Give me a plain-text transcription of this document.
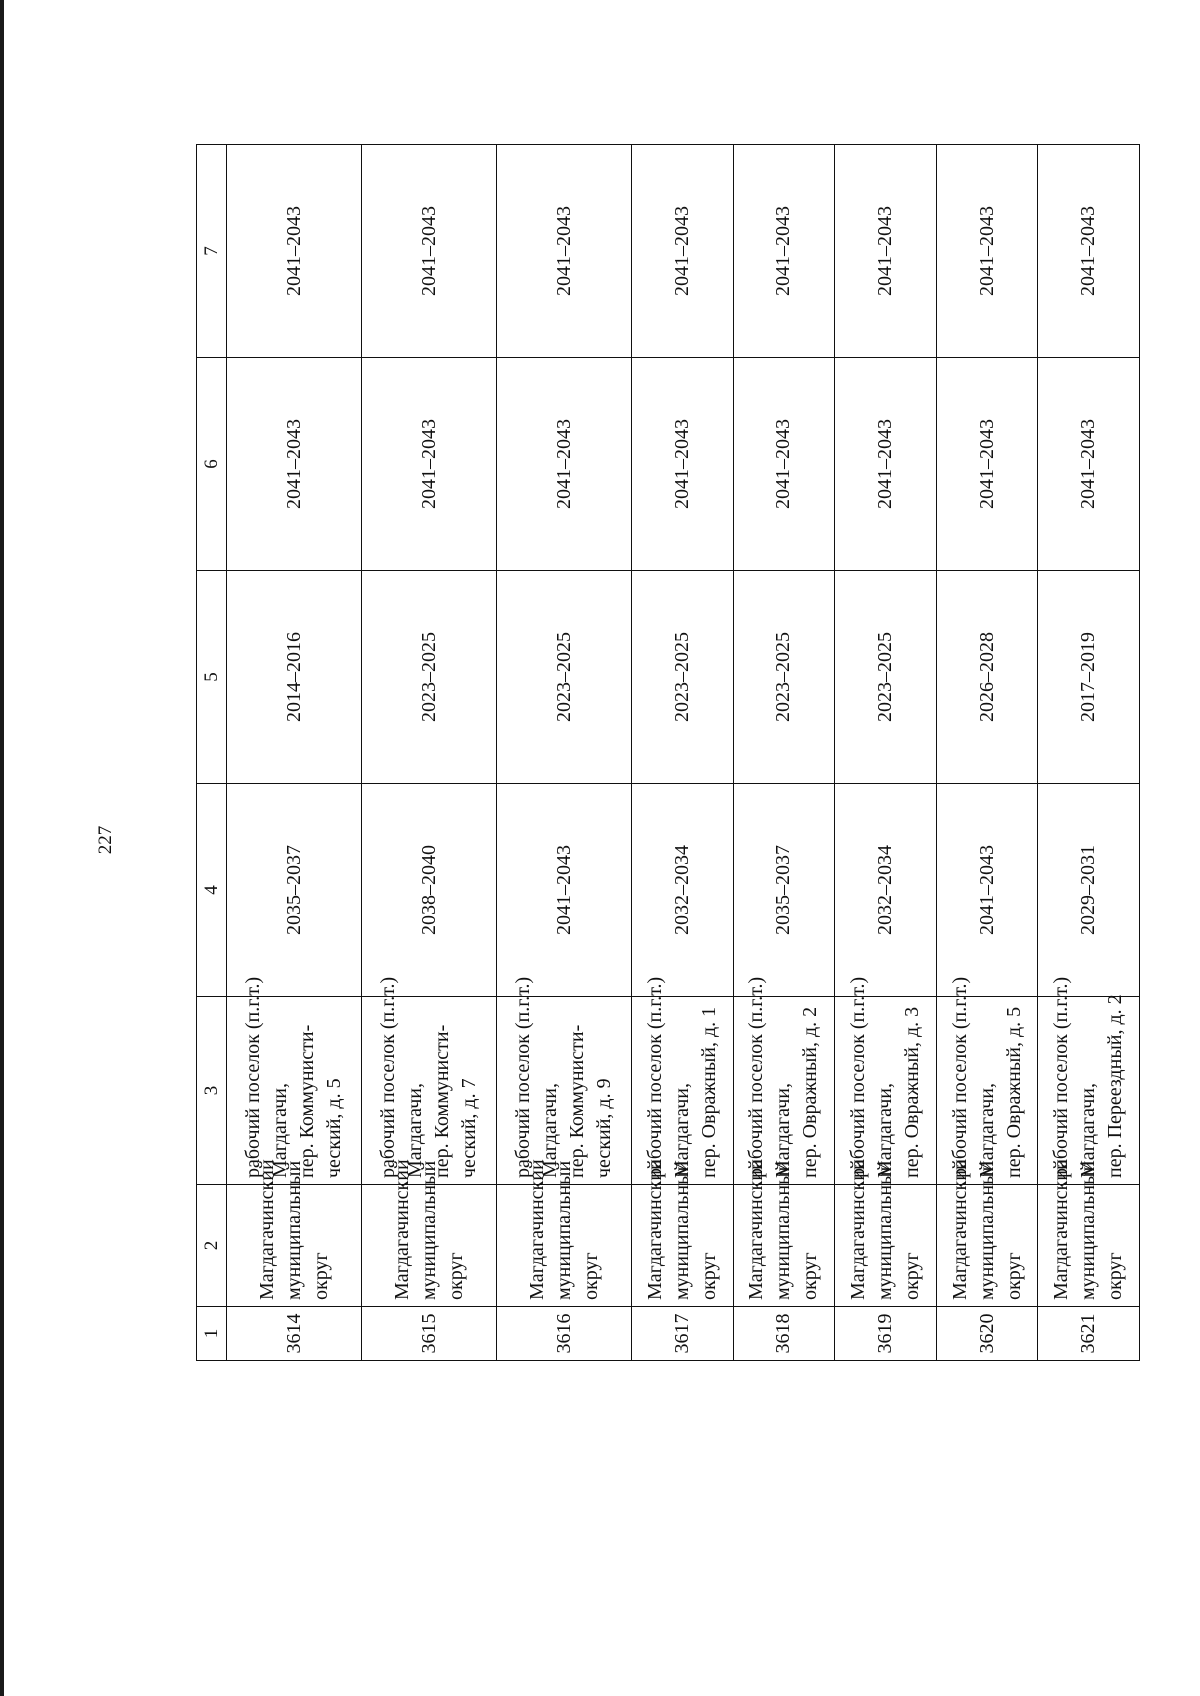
227
1	2	3	4	5	6	7
3614	Магдагачинский муниципальный округ	рабочий поселок (п.г.т.) Магдагачи, пер. Коммунисти- ческий, д. 5	2035–2037	2014–2016	2041–2043	2041–2043
3615	Магдагачинский муниципальный округ	рабочий поселок (п.г.т.) Магдагачи, пер. Коммунисти- ческий, д. 7	2038–2040	2023–2025	2041–2043	2041–2043
3616	Магдагачинский муниципальный округ	рабочий поселок (п.г.т.) Магдагачи, пер. Коммунисти- ческий, д. 9	2041–2043	2023–2025	2041–2043	2041–2043
3617	Магдагачинский муниципальный округ	рабочий поселок (п.г.т.) Магдагачи, пер. Овражный, д. 1	2032–2034	2023–2025	2041–2043	2041–2043
3618	Магдагачинский муниципальный округ	рабочий поселок (п.г.т.) Магдагачи, пер. Овражный, д. 2	2035–2037	2023–2025	2041–2043	2041–2043
3619	Магдагачинский муниципальный округ	рабочий поселок (п.г.т.) Магдагачи, пер. Овражный, д. 3	2032–2034	2023–2025	2041–2043	2041–2043
3620	Магдагачинский муниципальный округ	рабочий поселок (п.г.т.) Магдагачи, пер. Овражный, д. 5	2041–2043	2026–2028	2041–2043	2041–2043
3621	Магдагачинский муниципальный округ	рабочий поселок (п.г.т.) Магдагачи, пер. Переездный, д. 2	2029–2031	2017–2019	2041–2043	2041–2043
